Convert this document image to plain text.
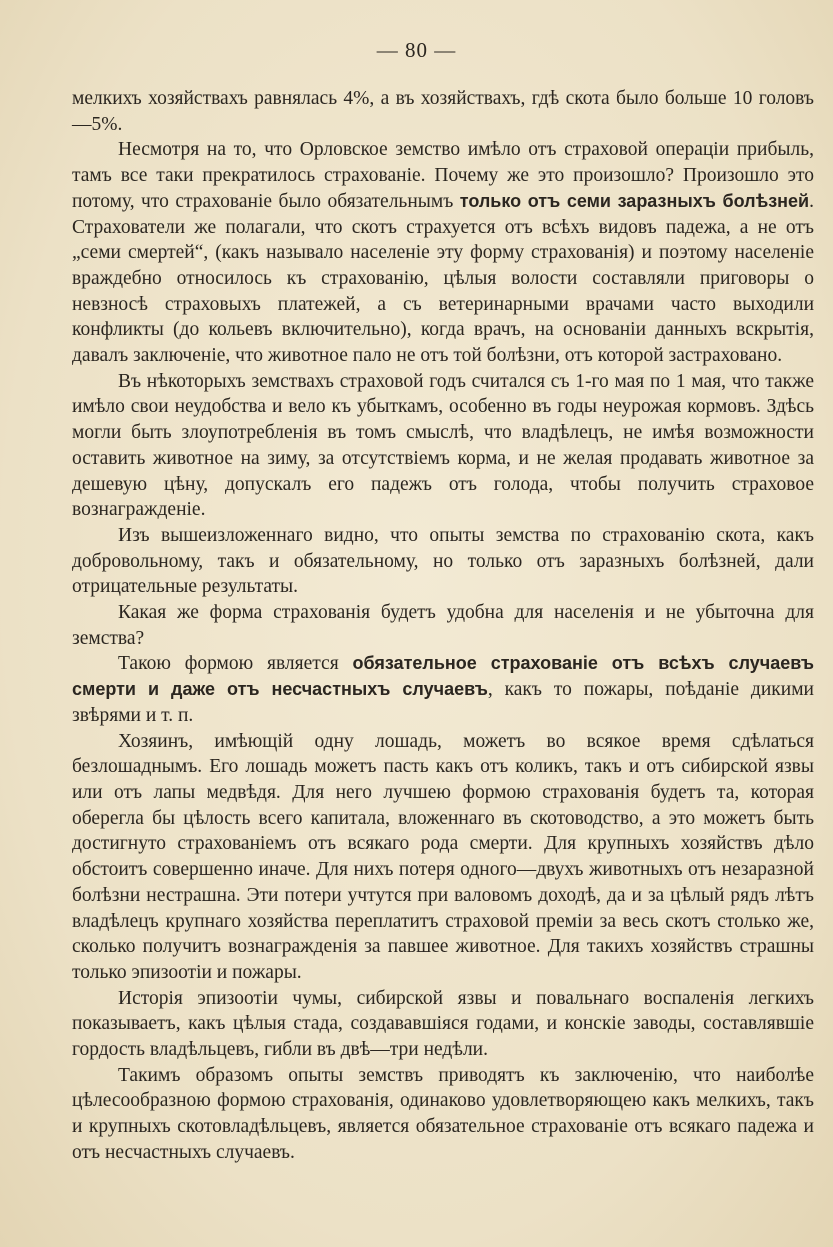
— 80 —

мелкихъ хозяйствахъ равнялась 4%, а въ хозяйствахъ, гдѣ скота было больше 10 головъ—5%.

Несмотря на то, что Орловское земство имѣло отъ страховой операціи прибыль, тамъ все таки прекратилось страхованіе. Почему же это произошло? Произошло это потому, что страхованіе было обязательнымъ только отъ семи заразныхъ болѣзней. Страхователи же полагали, что скотъ страхуется отъ всѣхъ видовъ падежа, а не отъ „семи смертей“, (какъ называло населеніе эту форму страхованія) и поэтому населеніе враждебно относилось къ страхованію, цѣлыя волости составляли приговоры о невзносѣ страховыхъ платежей, а съ ветеринарными врачами часто выходили конфликты (до кольевъ включительно), когда врачъ, на основаніи данныхъ вскрытія, давалъ заключеніе, что животное пало не отъ той болѣзни, отъ которой застраховано.

Въ нѣкоторыхъ земствахъ страховой годъ считался съ 1-го мая по 1 мая, что также имѣло свои неудобства и вело къ убыткамъ, особенно въ годы неурожая кормовъ. Здѣсь могли быть злоупотребленія въ томъ смыслѣ, что владѣлецъ, не имѣя возможности оставить животное на зиму, за отсутствіемъ корма, и не желая продавать животное за дешевую цѣну, допускалъ его падежъ отъ голода, чтобы получить страховое вознагражденіе.

Изъ вышеизложеннаго видно, что опыты земства по страхованію скота, какъ добровольному, такъ и обязательному, но только отъ заразныхъ болѣзней, дали отрицательные результаты.

Какая же форма страхованія будетъ удобна для населенія и не убыточна для земства?

Такою формою является обязательное страхованіе отъ всѣхъ случаевъ смерти и даже отъ несчастныхъ случаевъ, какъ то пожары, поѣданіе дикими звѣрями и т. п.

Хозяинъ, имѣющій одну лошадь, можетъ во всякое время сдѣлаться безлошаднымъ. Его лошадь можетъ пасть какъ отъ коликъ, такъ и отъ сибирской язвы или отъ лапы медвѣдя. Для него лучшею формою страхованія будетъ та, которая оберегла бы цѣлость всего капитала, вложеннаго въ скотоводство, а это можетъ быть достигнуто страхованіемъ отъ всякаго рода смерти. Для крупныхъ хозяйствъ дѣло обстоитъ совершенно иначе. Для нихъ потеря одного—двухъ животныхъ отъ незаразной болѣзни нестрашна. Эти потери учтутся при валовомъ доходѣ, да и за цѣлый рядъ лѣтъ владѣлецъ крупнаго хозяйства переплатитъ страховой преміи за весь скотъ столько же, сколько получитъ вознагражденія за павшее животное. Для такихъ хозяйствъ страшны только эпизоотіи и пожары.

Исторія эпизоотіи чумы, сибирской язвы и повальнаго воспаленія легкихъ показываетъ, какъ цѣлыя стада, создававшіяся годами, и конскіе заводы, составлявшіе гордость владѣльцевъ, гибли въ двѣ—три недѣли.

Такимъ образомъ опыты земствъ приводятъ къ заключенію, что наиболѣе цѣлесообразною формою страхованія, одинаково удовлетворяющею какъ мелкихъ, такъ и крупныхъ скотовладѣльцевъ, является обязательное страхованіе отъ всякаго падежа и отъ несчастныхъ случаевъ.
